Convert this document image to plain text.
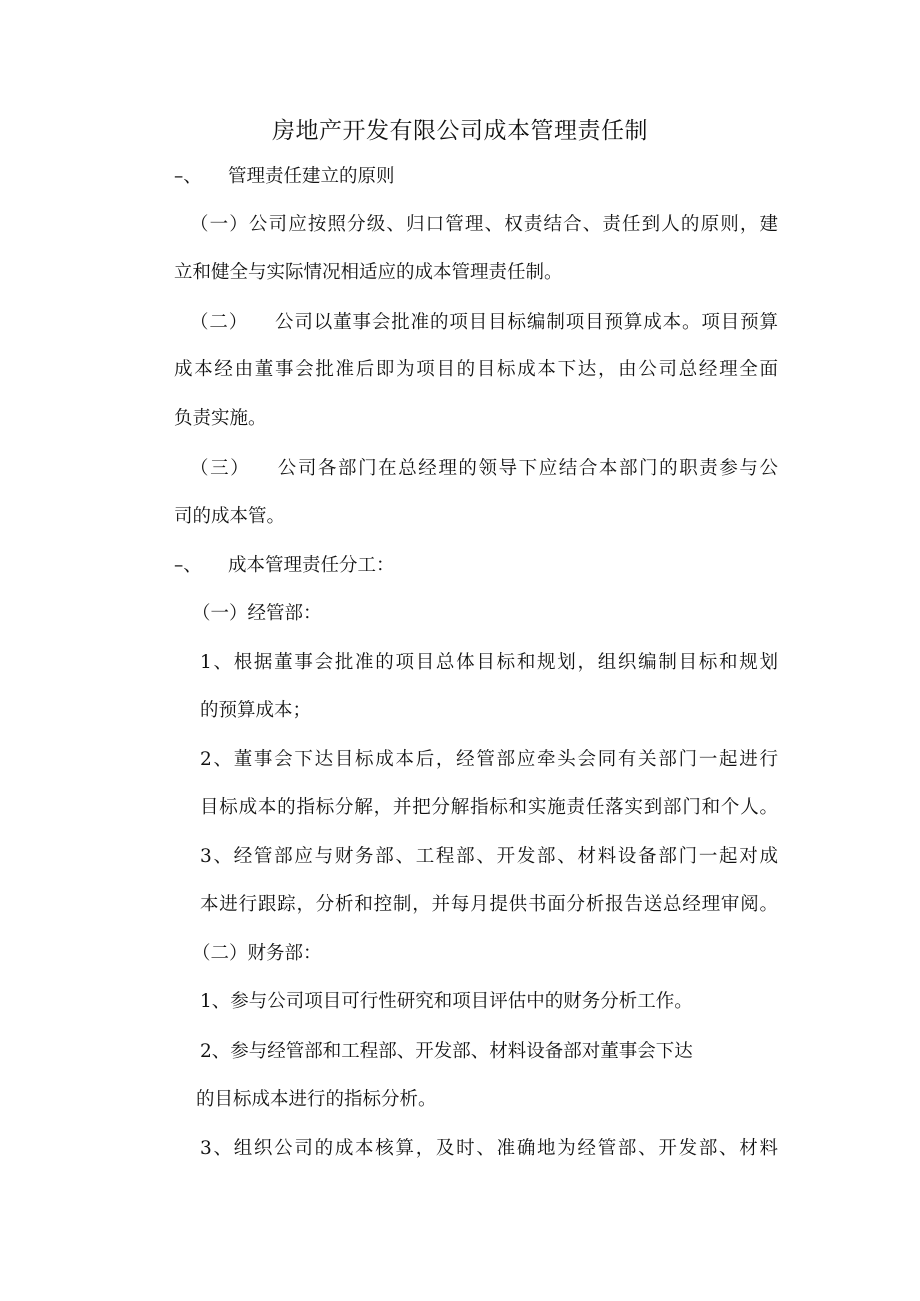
房地产开发有限公司成本管理责任制

–、 管理责任建立的原则

（一）公司应按照分级、归口管理、权责结合、责任到人的原则，建

立和健全与实际情况相适应的成本管理责任制。

（二） 公司以董事会批准的项目目标编制项目预算成本。项目预算

成本经由董事会批准后即为项目的目标成本下达，由公司总经理全面

负责实施。

（三） 公司各部门在总经理的领导下应结合本部门的职责参与公

司的成本管。

–、 成本管理责任分工：

（一）经管部：

1、根据董事会批准的项目总体目标和规划，组织编制目标和规划

的预算成本；

2、董事会下达目标成本后，经管部应牵头会同有关部门一起进行

目标成本的指标分解，并把分解指标和实施责任落实到部门和个人。

3、经管部应与财务部、工程部、开发部、材料设备部门一起对成

本进行跟踪，分析和控制，并每月提供书面分析报告送总经理审阅。

（二）财务部：

1、参与公司项目可行性研究和项目评估中的财务分析工作。

2、参与经管部和工程部、开发部、材料设备部对董事会下达

的目标成本进行的指标分析。

3、组织公司的成本核算，及时、准确地为经管部、开发部、材料
